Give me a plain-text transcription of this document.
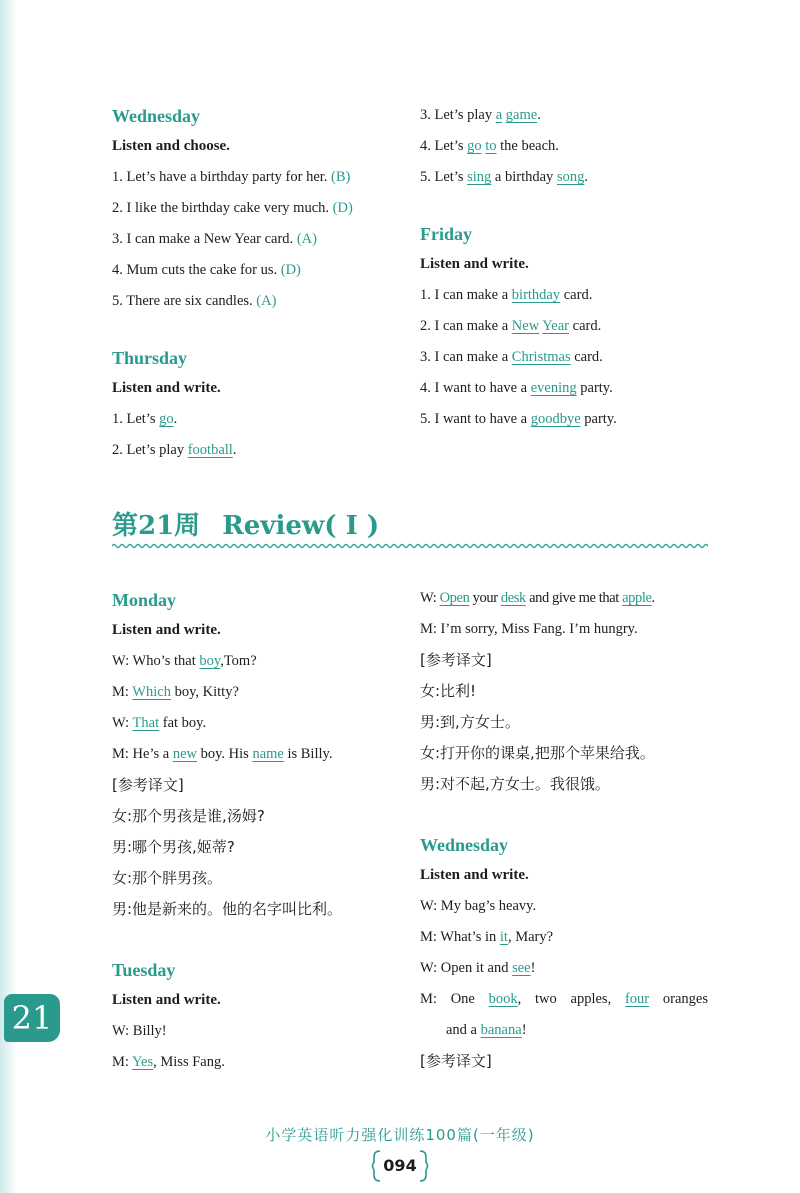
Wednesday
Listen and choose.
1. Let’s have a birthday party for her. (B)
2. I like the birthday cake very much. (D)
3. I can make a New Year card. (A)
4. Mum cuts the cake for us. (D)
5. There are six candles. (A)
Thursday
Listen and write.
1. Let’s go.
2. Let’s play football.
3. Let’s play a game.
4. Let’s go to the beach.
5. Let’s sing a birthday song.
Friday
Listen and write.
1. I can make a birthday card.
2. I can make a New Year card.
3. I can make a Christmas card.
4. I want to have a evening party.
5. I want to have a goodbye party.
第21周 Review( Ⅰ )
Monday
Listen and write.
W: Who’s that boy,Tom?
M: Which boy, Kitty?
W: That fat boy.
M: He’s a new boy. His name is Billy.
[参考译文]
女:那个男孩是谁,汤姆?
男:哪个男孩,姬蒂?
女:那个胖男孩。
男:他是新来的。他的名字叫比利。
Tuesday
Listen and write.
W: Billy!
M: Yes, Miss Fang.
W: Open your desk and give me that apple.
M: I’m sorry, Miss Fang. I’m hungry.
[参考译文]
女:比利!
男:到,方女士。
女:打开你的课桌,把那个苹果给我。
男:对不起,方女士。我很饿。
Wednesday
Listen and write.
W: My bag’s heavy.
M: What’s in it, Mary?
W: Open it and see!
M: One book, two apples, four oranges
and a banana!
[参考译文]
21
小学英语听力强化训练100篇(一年级)
094
